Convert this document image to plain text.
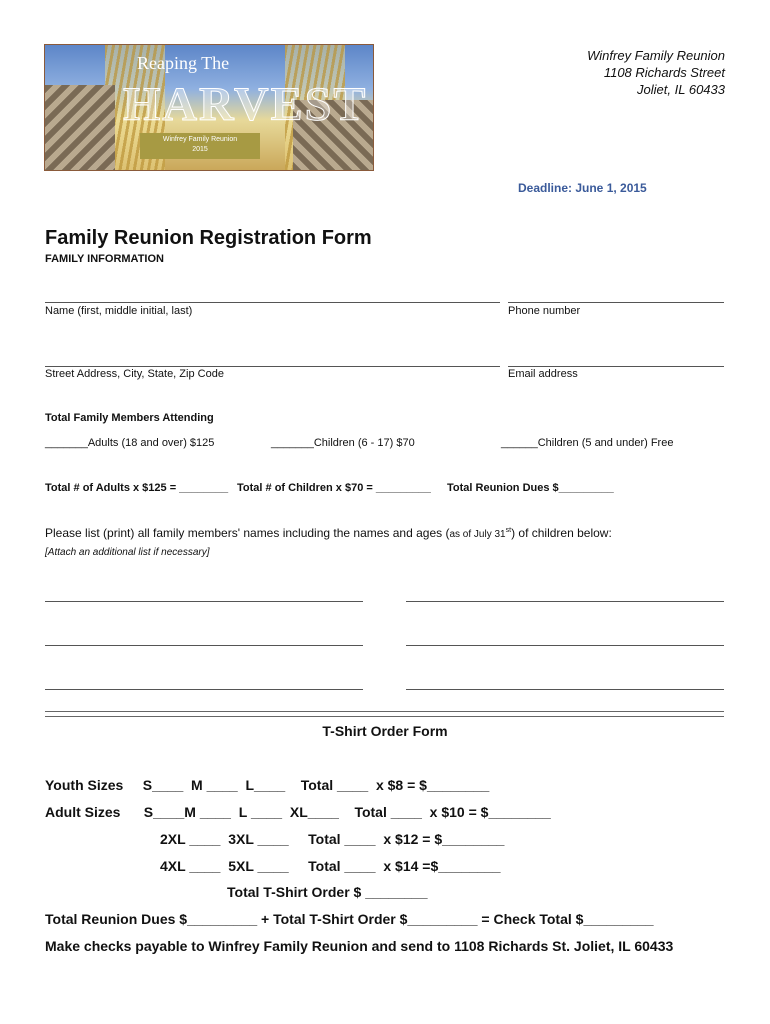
Reaping The
HARVEST
Winfrey Family Reunion
2015
Winfrey Family Reunion
1108 Richards Street
Joliet, IL 60433
Deadline: June 1, 2015
Family Reunion Registration Form
FAMILY INFORMATION
Name (first, middle initial, last)	Phone number
Street Address, City, State, Zip Code	Email address
Total Family Members Attending
_______Adults (18 and over) $125	_______Children (6 - 17) $70	______Children (5 and under) Free
Total # of Adults x $125 = ________ Total # of Children x $70 = _________ Total Reunion Dues $_________
Please list (print) all family members' names including the names and ages (as of July 31st) of children below:
[Attach an additional list if necessary]
T-Shirt Order Form
Youth Sizes     S____  M ____  L____    Total ____  x $8 = $________
Adult Sizes      S____M ____  L ____  XL____    Total ____  x $10 = $________
2XL ____  3XL ____     Total ____  x $12 = $________
4XL ____  5XL ____     Total ____  x $14 =$________
Total T-Shirt Order $ ________
Total Reunion Dues $_________ + Total T-Shirt Order $_________ = Check Total $_________
Make checks payable to Winfrey Family Reunion and send to 1108 Richards St. Joliet, IL 60433
